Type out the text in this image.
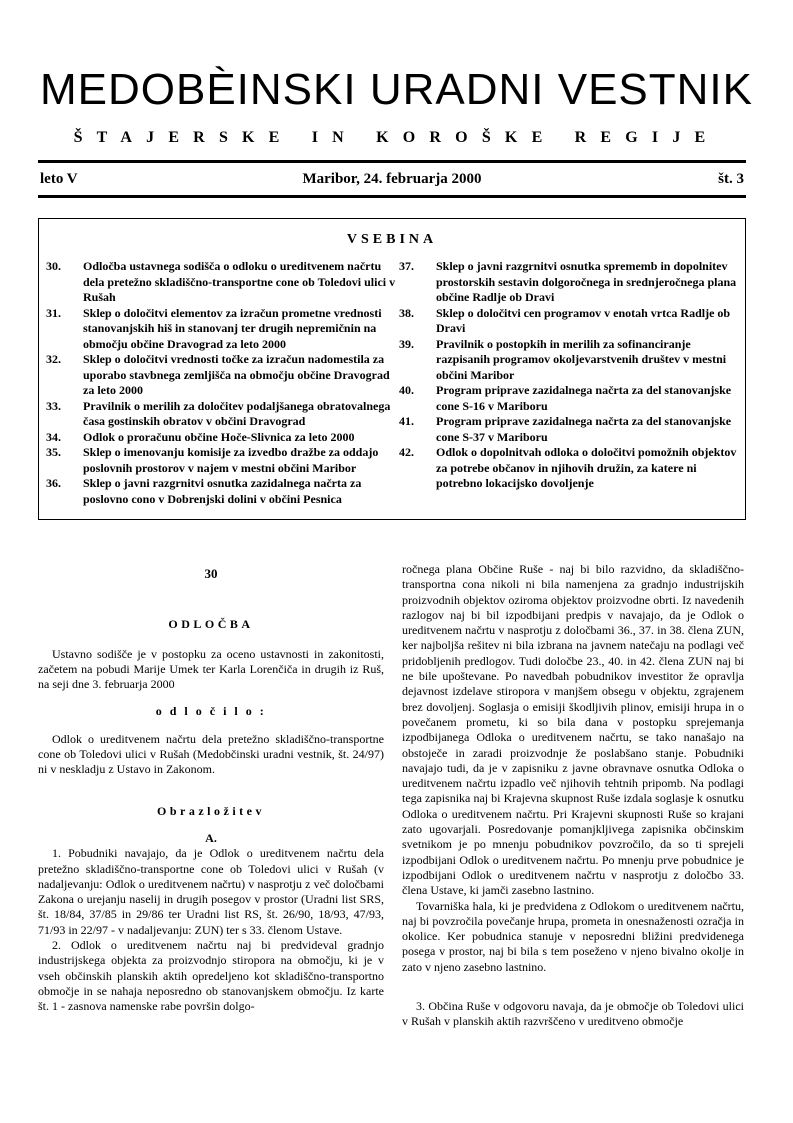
MEDOBÈINSKI URADNI VESTNIK
ŠTAJERSKE IN KOROŠKE REGIJE
leto V	Maribor, 24. februarja 2000	št. 3
VSEBINA
30.	Odločba ustavnega sodišča o odloku o ureditvenem načrtu dela pretežno skladiščno-transportne cone ob Toledovi ulici v Rušah
31.	Sklep o določitvi elementov za izračun prometne vrednosti stanovanjskih hiš in stanovanj ter drugih nepremičnin na območju občine Dravograd za leto 2000
32.	Sklep o določitvi vrednosti točke za izračun nadomestila za uporabo stavbnega zemljišča na območju občine Dravograd za leto 2000
33.	Pravilnik o merilih za določitev podaljšanega obratovalnega časa gostinskih obratov v občini Dravograd
34.	Odlok o proračunu občine Hoče-Slivnica za leto 2000
35.	Sklep o imenovanju komisije za izvedbo dražbe za oddajo poslovnih prostorov v najem v mestni občini Maribor
36.	Sklep o javni razgrnitvi osnutka zazidalnega načrta za poslovno cono v Dobrenjski dolini v občini Pesnica
37.	Sklep o javni razgrnitvi osnutka sprememb in dopolnitev prostorskih sestavin dolgoročnega in srednjeročnega plana občine Radlje ob Dravi
38.	Sklep o določitvi cen programov v enotah vrtca Radlje ob Dravi
39.	Pravilnik o postopkih in merilih za sofinanciranje razpisanih programov okoljevarstvenih društev v mestni občini Maribor
40.	Program priprave zazidalnega načrta za del stanovanjske cone S-16 v Mariboru
41.	Program priprave zazidalnega načrta za del stanovanjske cone S-37 v Mariboru
42.	Odlok o dopolnitvah odloka o določitvi pomožnih objektov za potrebe občanov in njihovih družin, za katere ni potrebno lokacijsko dovoljenje

30

ODLOČBA

Ustavno sodišče je v postopku za oceno ustavnosti in zakonitosti, začetem na pobudi Marije Umek ter Karla Lorenčiča in drugih iz Ruš, na seji dne 3. februarja 2000

o d l o č i l o :

Odlok o ureditvenem načrtu dela pretežno skladiščno-transportne cone ob Toledovi ulici v Rušah (Medobčinski uradni vestnik, št. 24/97) ni v neskladju z Ustavo in Zakonom.

Obrazložitev

A.

1. Pobudniki navajajo, da je Odlok o ureditvenem načrtu dela pretežno skladiščno-transportne cone ob Toledovi ulici v Rušah (v nadaljevanju: Odlok o ureditvenem načrtu) v nasprotju z več določbami Zakona o urejanju naselij in drugih posegov v prostor (Uradni list SRS, št. 18/84, 37/85 in 29/86 ter Uradni list RS, št. 26/90, 18/93, 47/93, 71/93 in 22/97 - v nadaljevanju: ZUN) ter s 33. členom Ustave.

2. Odlok o ureditvenem načrtu naj bi predvideval gradnjo industrijskega objekta za proizvodnjo stiropora na območju, ki je v vseh občinskih planskih aktih opredeljeno kot skladiščno-transportno območje in se nahaja neposredno ob stanovanjskem območju. Iz karte št. 1 - zasnova namenske rabe površin dolgo-

ročnega plana Občine Ruše - naj bi bilo razvidno, da skladiščno-transportna cona nikoli ni bila namenjena za gradnjo industrijskih proizvodnih objektov oziroma objektov proizvodne obrti. Iz navedenih razlogov naj bi bil izpodbijani predpis v navajajo, da je Odlok o ureditvenem načrtu v nasprotju z določbami 36., 37. in 38. člena ZUN, ker najboljša rešitev ni bila izbrana na javnem natečaju na podlagi več pridobljenih predlogov. Tudi določbe 23., 40. in 42. člena ZUN naj bi ne bile upoštevane. Po navedbah pobudnikov investitor že opravlja dejavnost izdelave stiropora v manjšem obsegu v objektu, zgrajenem brez dovoljenj. Soglasja o emisiji škodljivih plinov, emisiji hrupa in o povečanem prometu, ki so bila dana v postopku sprejemanja izpodbijanega Odloka o ureditvenem načrtu, se tako nanašajo na obstoječe in zaradi proizvodnje že poslabšano stanje. Pobudniki navajajo tudi, da je v zapisniku z javne obravnave osnutka Odloka o ureditvenem načrtu izpadlo več njihovih tehtnih pripomb. Na podlagi tega zapisnika naj bi Krajevna skupnost Ruše izdala soglasje k osnutku Odloka o ureditvenem načrtu. Pri Krajevni skupnosti Ruše so krajani zato ugovarjali. Posredovanje pomanjkljivega zapisnika občinskim svetnikom je po mnenju pobudnikov povzročilo, da so ti sprejeli izpodbijani Odlok o ureditvenem načrtu. Po mnenju prve pobudnice je izpodbijani Odlok o ureditvenem načrtu v nasprotju z določbo 33. člena Ustave, ki jamči zasebno lastnino.

Tovarniška hala, ki je predvidena z Odlokom o ureditvenem načrtu, naj bi povzročila povečanje hrupa, prometa in onesnaženosti ozračja in okolice. Ker pobudnica stanuje v neposredni bližini predvidenega posega v prostor, naj bi bila s tem poseženo v njeno bivalno okolje in zato v njeno zasebno lastnino.

3. Občina Ruše v odgovoru navaja, da je območje ob Toledovi ulici v Rušah v planskih aktih razvrščeno v ureditveno območje
